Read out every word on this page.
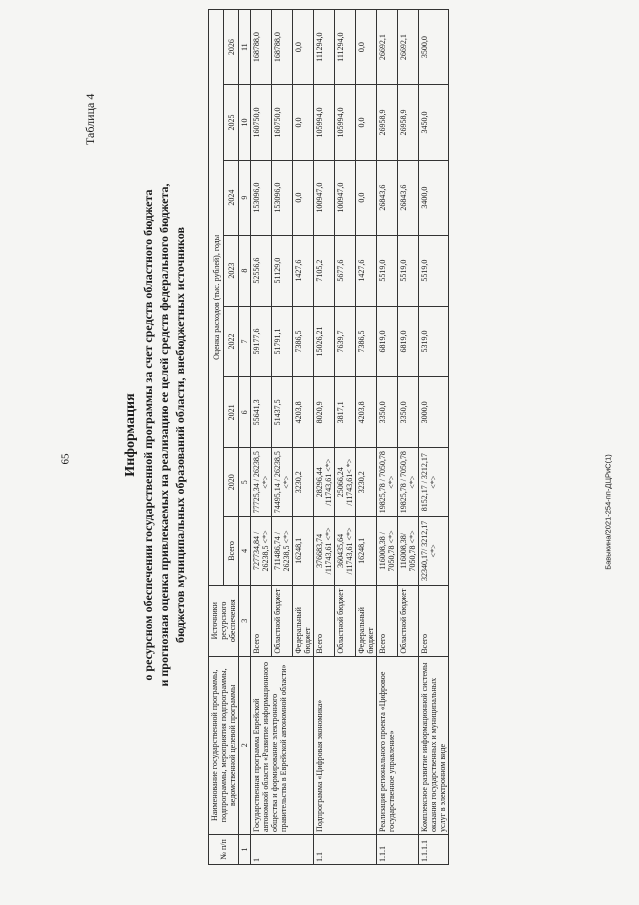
65	Бавыкина/2021-254-пп-ДЦРиС(1)
Таблица 4
Информация о ресурсном обеспечении государственной программы за счет средств областного бюджета и прогнозная оценка привлекаемых на реализацию ее целей средств федерального бюджета, бюджетов муниципальных образований области, внебюджетных источников
№ п/п	Наименование государственной программы, подпрограммы, мероприятия подпрограммы, ведомственной целевой программы	Источники ресурсного обеспечения	Оценка расходов (тыс. рублей), годы							
			Всего	2020	2021	2022	2023	2024	2025	2026
1	2	3	4	5	6	7	8	9	10	11
1	Государственная программа Еврейской автономной области «Развитие информационного общества и формирование электронного правительства в Еврейской автономной области»	Всего	727734,84 / 26238,5 <*>	77725,34 / 26238,5 <*>	55641,3	59177,6	52556,6	153096,0	160750,0	168788,0
		Областной бюджет	711486,74 / 26238,5 <*>	74495,14 / 26238,5 <*>	51437,5	51791,1	51129,0	153096,0	160750,0	168788,0
		Федеральный бюджет	16248,1	3230,2	4203,8	7386,5	1427,6	0,0	0,0	0,0
1.1	Подпрограмма «Цифровая экономика»	Всего	376683,74 /11743,61 <*>	28296,44 /11743,61 <*>	8020,9	15026,21	7105,2	100947,0	105994,0	111294,0
		Областной бюджет	360435,64 /11743,61 <*>	25066,24 /11743,61< *>	3817,1	7639,7	5677,6	100947,0	105994,0	111294,0
		Федеральный бюджет	16248,1	3230,2	4203,8	7386,5	1427,6	0,0	0,0	0,0
1.1.1	Реализация регионального проекта «Цифровое государственное управление»	Всего	116008,38 / 7050,78 <*>	19825,78 / 7050,78 <*>	3350,0	6819,0	5519,0	26843,6	26958,9	26692,1
		Областной бюджет	116008,38/ 7050,78 <*>	19825,78 / 7050,78 <*>	3350,0	6819,0	5519,0	26843,6	26958,9	26692,1
1.1.1.1	Комплексное развитие информационной системы оказания государственных и муниципальных услуг в электронном виде	Всего	32340,17/ 3212,17 <*>	8152,17 / 3212,17 <*>	3000,0	5319,0	5519,0	3400,0	3450,0	3500,0
